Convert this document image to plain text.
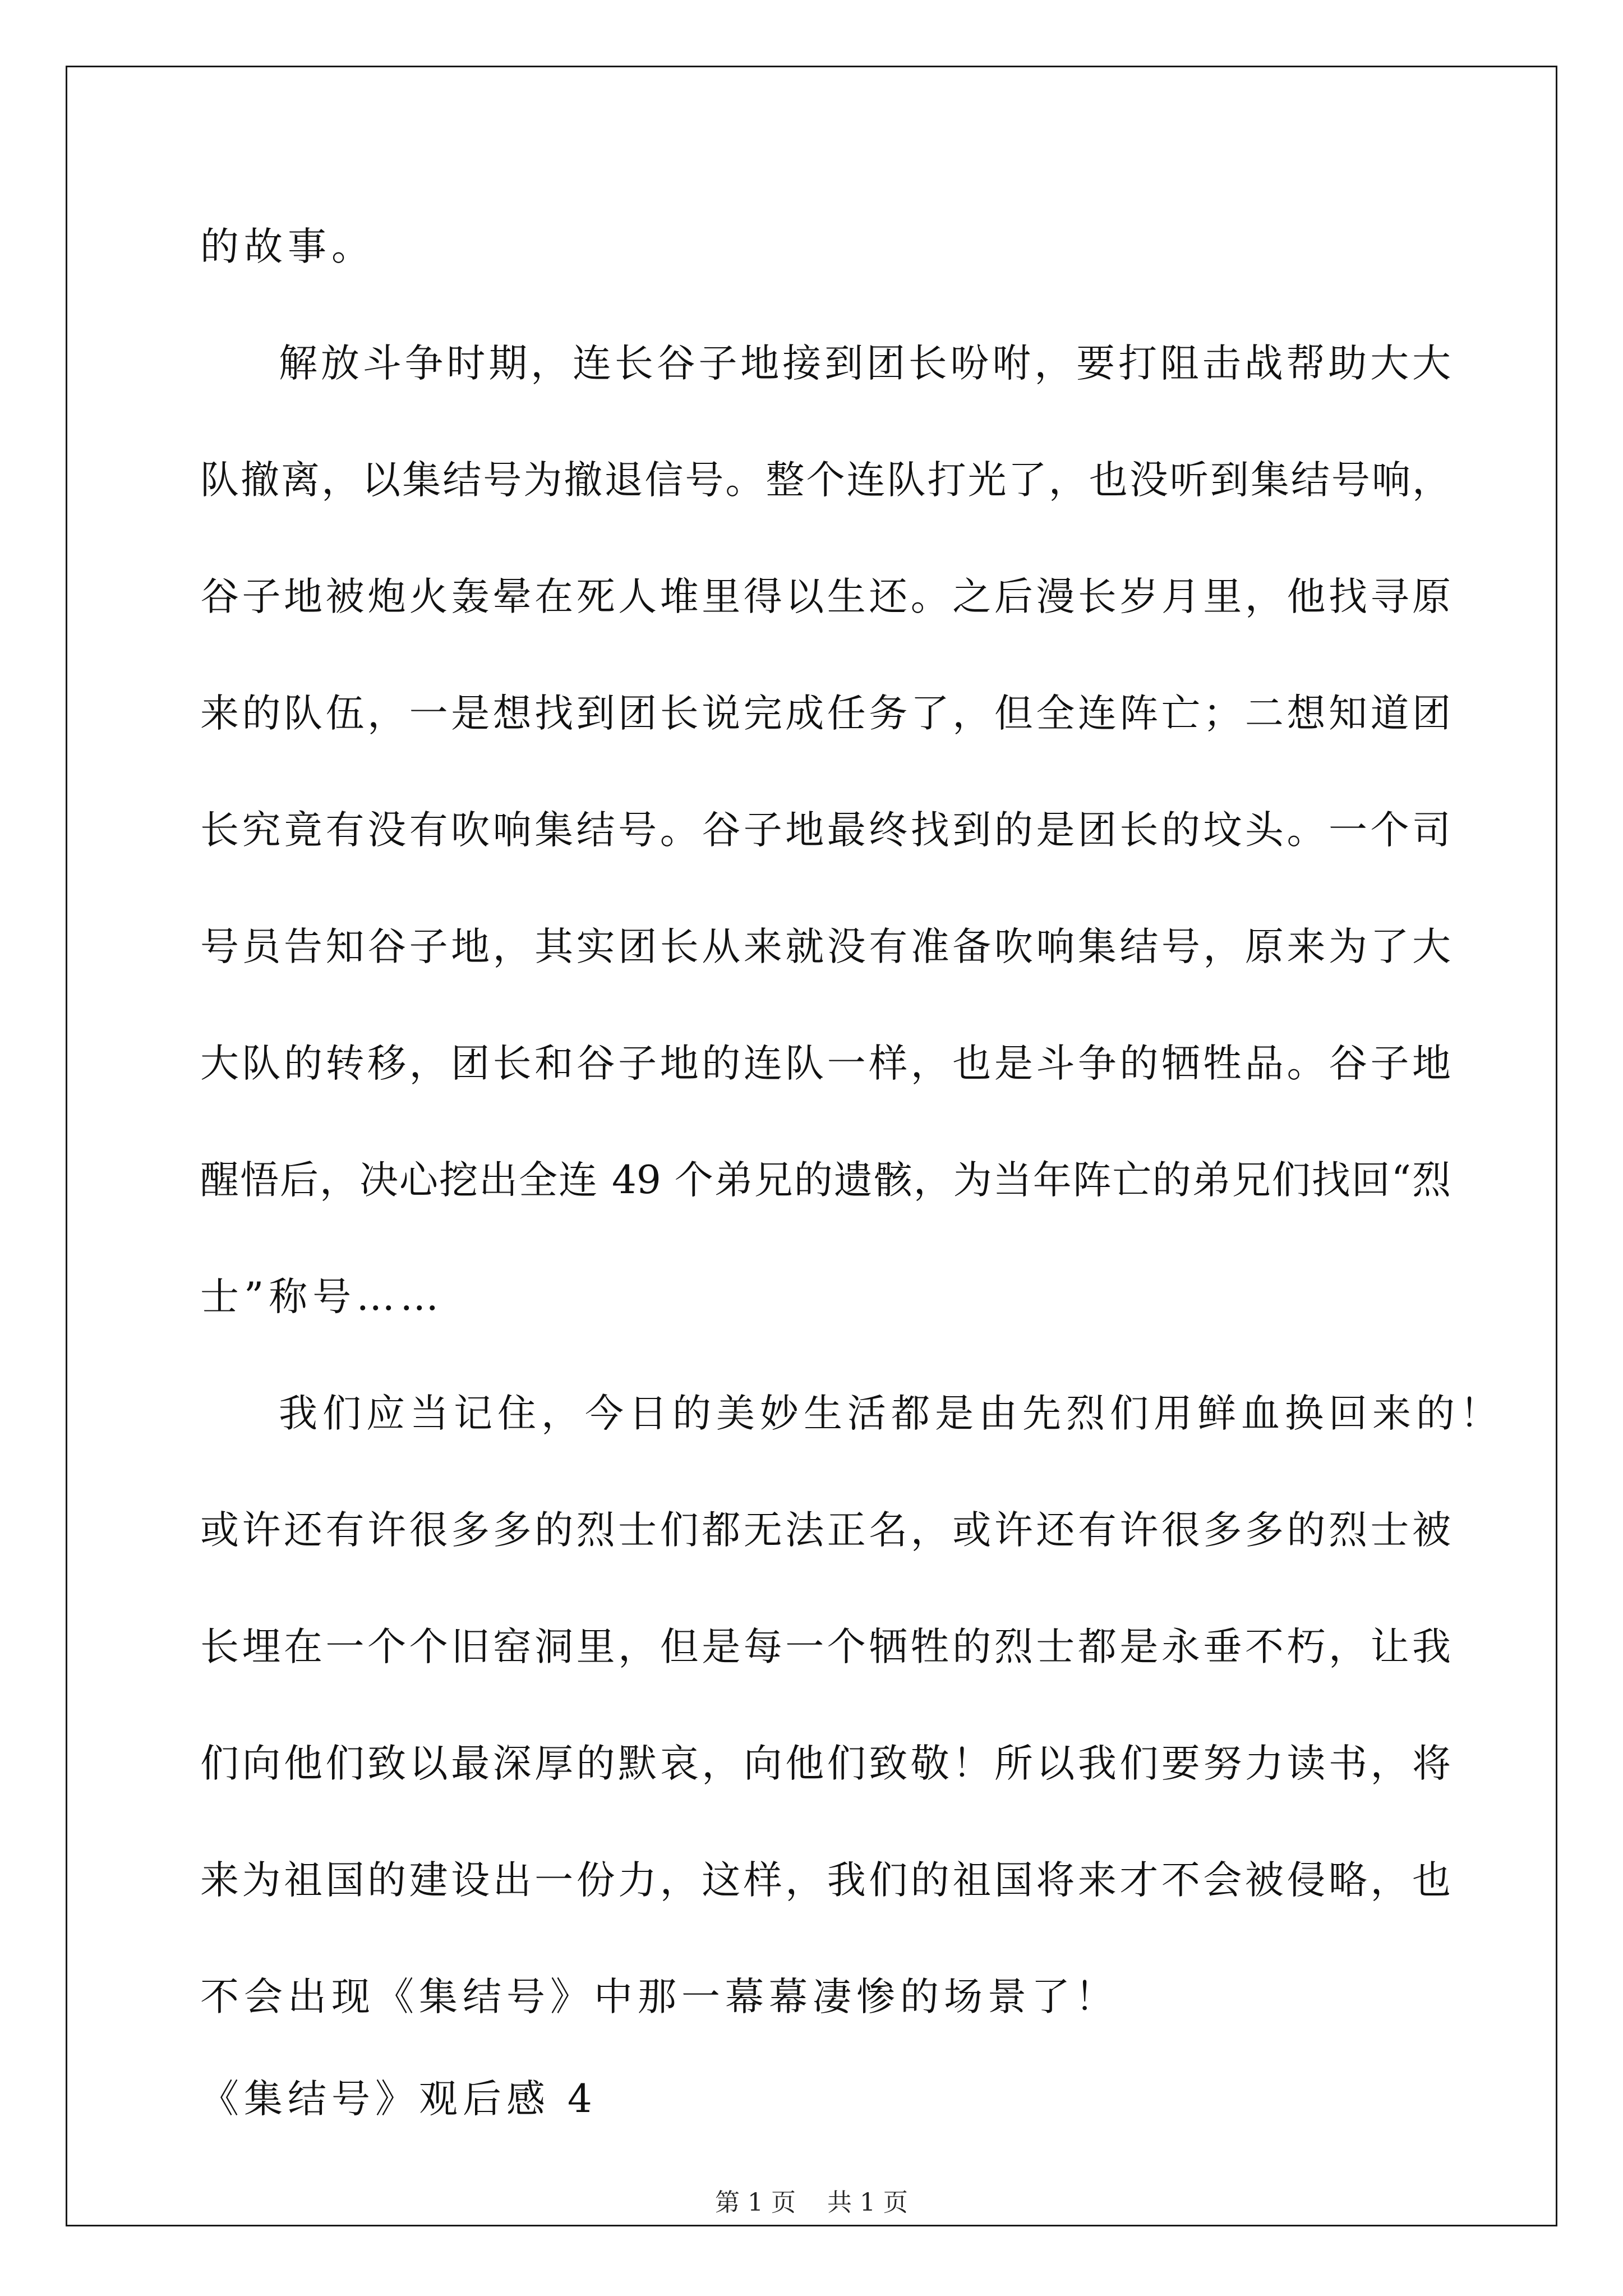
的故事。
解放斗争时期，连长谷子地接到团长吩咐，要打阻击战帮助大大
队撤离，以集结号为撤退信号。整个连队打光了，也没听到集结号响，
谷子地被炮火轰晕在死人堆里得以生还。之后漫长岁月里，他找寻原
来的队伍，一是想找到团长说完成任务了，但全连阵亡；二想知道团
长究竟有没有吹响集结号。谷子地最终找到的是团长的坟头。一个司
号员告知谷子地，其实团长从来就没有准备吹响集结号，原来为了大
大队的转移，团长和谷子地的连队一样，也是斗争的牺牲品。谷子地
醒悟后，决心挖出全连 49 个弟兄的遗骸，为当年阵亡的弟兄们找回“烈
士”称号……
我们应当记住，今日的美妙生活都是由先烈们用鲜血换回来的！
或许还有许很多多的烈士们都无法正名，或许还有许很多多的烈士被
长埋在一个个旧窑洞里，但是每一个牺牲的烈士都是永垂不朽，让我
们向他们致以最深厚的默哀，向他们致敬！所以我们要努力读书，将
来为祖国的建设出一份力，这样，我们的祖国将来才不会被侵略，也
不会出现《集结号》中那一幕幕凄惨的场景了！
《集结号》观后感 4
第 1 页    共 1 页
